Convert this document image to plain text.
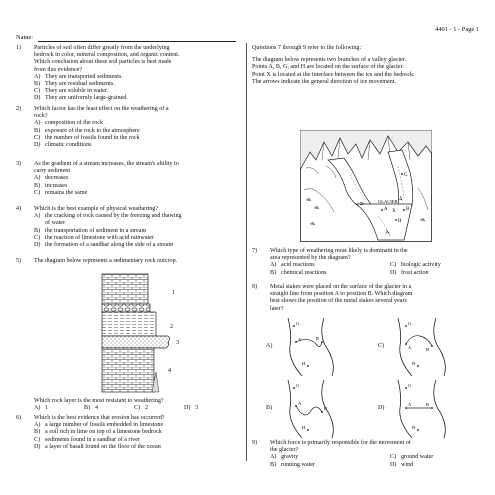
4401 - 1 - Page 1
Name:
1) Particles of soil often differ greatly from the underlying
bedrock in color, mineral composition, and organic content.
Which conclusion about these soil particles is best made
from this evidence?
A) They are transported sediments.
B) They are residual sediments.
C) They are soluble in water.
D) They are uniformly large-grained.
2) Which factor has the least effect on the weathering of a
rock?
A) composition of the rock
B) exposure of the rock to the atmosphere
C) the number of fossils found in the rock
D) climatic conditions
3) As the gradient of a stream increases, the stream's ability to
carry sediment
A) decreases
B) increases
C) remains the same
4) Which is the best example of physical weathering?
A) the cracking of rock caused by the freezing and thawing
of water
B) the transportation of sediment in a stream
C) the reaction of limestone with acid rainwater
D) the formation of a sandbar along the side of a stream
5) The diagram below represents a sedimentary rock outcrop.
1
2
3
4
Which rock layer is the most resistant to weathering?
A) 1	B) 4	C) 2	D) 3
6) Which is the best evidence that erosion has occurred?
A) a large number of fossils embedded in limestone
B) a soil rich in lime on top of a limestone bedrock
C) sediments found in a sandbar of a river
D) a layer of basalt found on the floor of the ocean
Questions 7 through 9 refer to the following:
The diagram below represents two branches of a valley glacier.
Points A, B, G, and H are located on the surface of the glacier.
Point X is located at the interface between the ice and the bedrock.
The arrows indicate the general direction of ice movement.
GLACIER
G
H
A	B
X
7) Which type of weathering most likely is dominant in the
area represented by the diagram?
A) acid reactions	C) biologic activity
B) chemical reactions	D) frost action
8) Metal stakes were placed on the surface of the glacier in a
straight line from position A to position B. Which diagram
best shows the position of the metal stakes several years
later?
A)	C)
B)	D)
G
H
A	B
G
H
A	B
G
H
A
B
G
H
A	B
9) Which force is primarily responsible for the movement of
the glacier?
A) gravity	C) ground water
B) running water	D) wind
